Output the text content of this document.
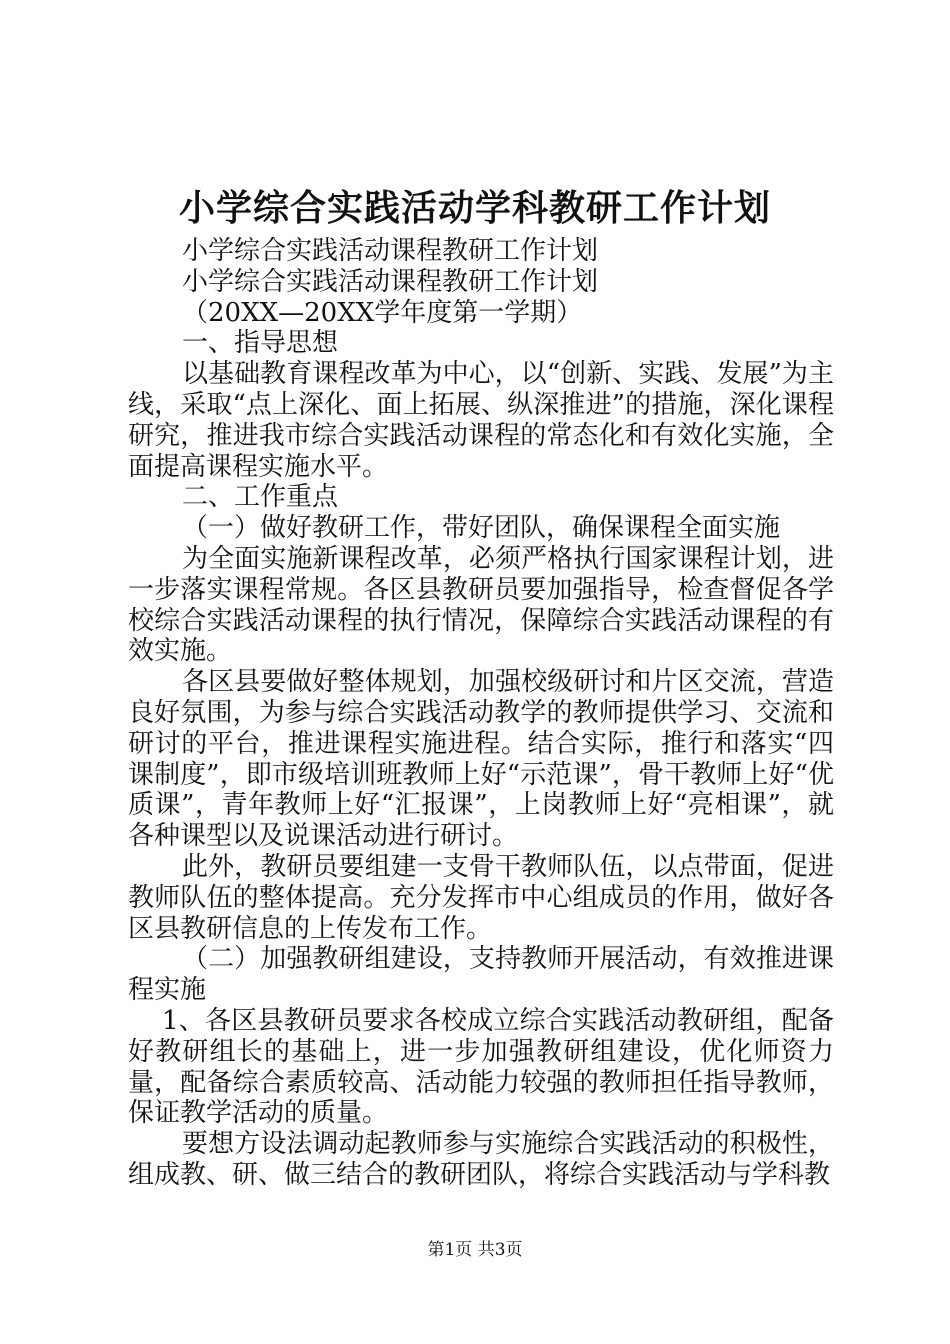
小学综合实践活动学科教研工作计划

小学综合实践活动课程教研工作计划

小学综合实践活动课程教研工作计划

（20XX—20XX学年度第一学期）

一、指导思想

以基础教育课程改革为中心，以“创新、实践、发展”为主线，采取“点上深化、面上拓展、纵深推进”的措施，深化课程研究，推进我市综合实践活动课程的常态化和有效化实施，全面提高课程实施水平。

二、工作重点

（一）做好教研工作，带好团队，确保课程全面实施

为全面实施新课程改革，必须严格执行国家课程计划，进一步落实课程常规。各区县教研员要加强指导，检查督促各学校综合实践活动课程的执行情况，保障综合实践活动课程的有效实施。

各区县要做好整体规划，加强校级研讨和片区交流，营造良好氛围，为参与综合实践活动教学的教师提供学习、交流和研讨的平台，推进课程实施进程。结合实际，推行和落实“四课制度”，即市级培训班教师上好“示范课”，骨干教师上好“优质课”，青年教师上好“汇报课”，上岗教师上好“亮相课”，就各种课型以及说课活动进行研讨。

此外，教研员要组建一支骨干教师队伍，以点带面，促进教师队伍的整体提高。充分发挥市中心组成员的作用，做好各区县教研信息的上传发布工作。

（二）加强教研组建设，支持教师开展活动，有效推进课程实施

1、各区县教研员要求各校成立综合实践活动教研组，配备好教研组长的基础上，进一步加强教研组建设，优化师资力量，配备综合素质较高、活动能力较强的教师担任指导教师，保证教学活动的质量。

要想方设法调动起教师参与实施综合实践活动的积极性，组成教、研、做三结合的教研团队，将综合实践活动与学科教

第1页 共3页
